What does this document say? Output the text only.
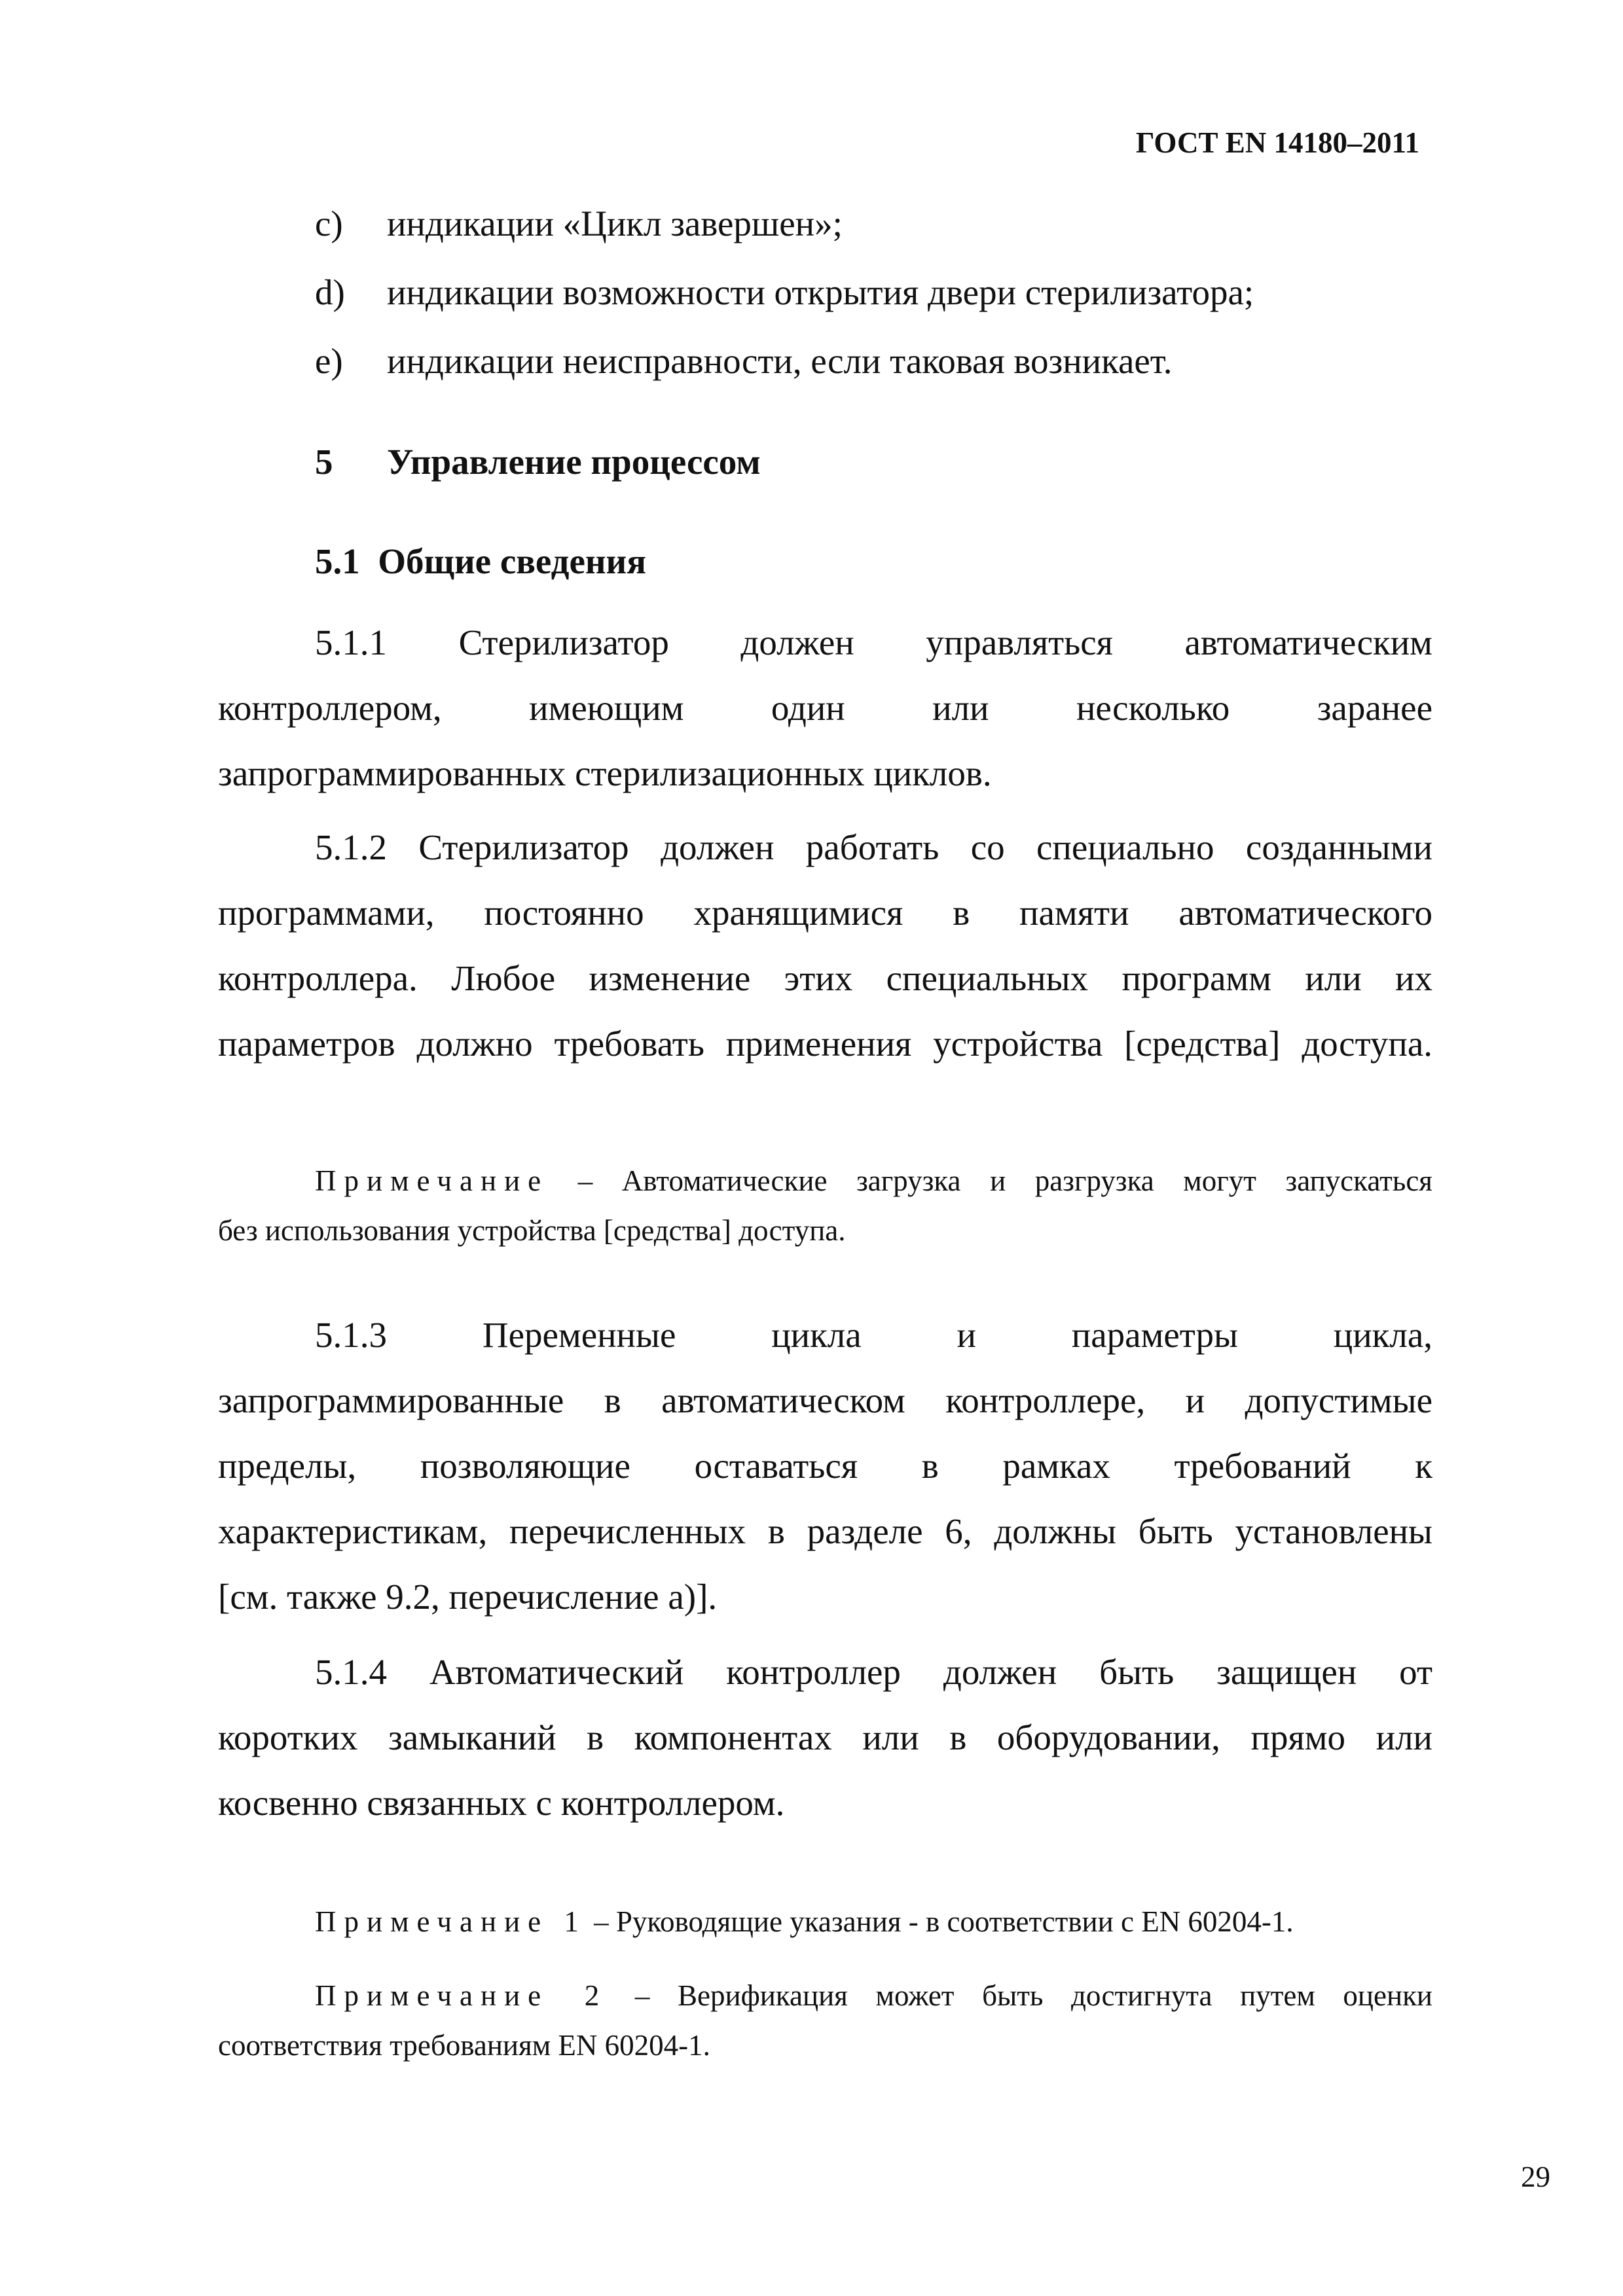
ГОСТ EN 14180–2011
c) индикации «Цикл завершен»;
d) индикации возможности открытия двери стерилизатора;
e) индикации неисправности, если таковая возникает.
5 Управление процессом
5.1  Общие сведения
5.1.1 Стерилизатор должен управляться автоматическим
контроллером, имеющим один или несколько заранее
запрограммированных стерилизационных циклов.
5.1.2 Стерилизатор должен работать со специально созданными
программами, постоянно хранящимися в памяти автоматического
контроллера. Любое изменение этих специальных программ или их
параметров должно требовать применения устройства [средства] доступа.
Примечание – Автоматические загрузка и разгрузка могут запускаться
без использования устройства [средства] доступа.
5.1.3 Переменные цикла и параметры цикла,
запрограммированные в автоматическом контроллере, и допустимые
пределы, позволяющие оставаться в рамках требований к
характеристикам, перечисленных в разделе 6, должны быть установлены
[см. также 9.2, перечисление а)].
5.1.4 Автоматический контроллер должен быть защищен от
коротких замыканий в компонентах или в оборудовании, прямо или
косвенно связанных с контроллером.
Примечание 1 – Руководящие указания - в соответствии с EN 60204-1.
Примечание 2 – Верификация может быть достигнута путем оценки
соответствия требованиям EN 60204-1.
29
